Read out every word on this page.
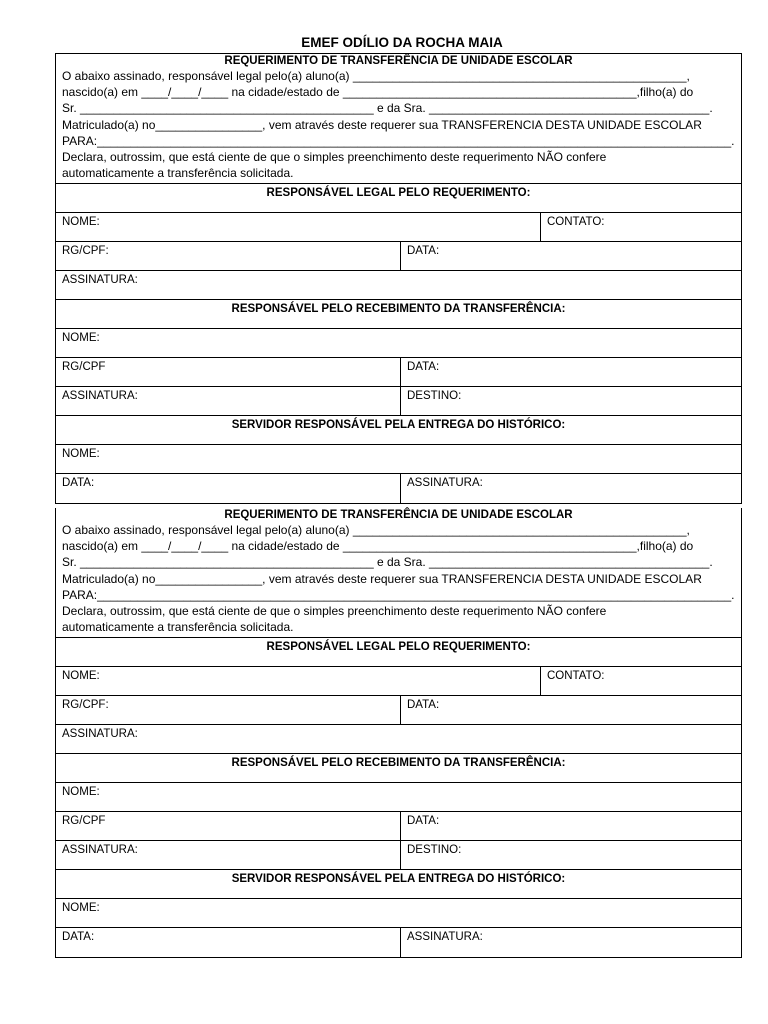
EMEF ODÍLIO DA ROCHA MAIA
REQUERIMENTO DE TRANSFERÊNCIA DE UNIDADE ESCOLAR
O abaixo assinado, responsável legal pelo(a) aluno(a) __________________________________________________,
nascido(a) em ____/____/____ na cidade/estado de ____________________________________________,filho(a) do
Sr. ____________________________________________ e da Sra. __________________________________________.
Matriculado(a) no________________, vem através deste requerer sua TRANSFERENCIA DESTA UNIDADE ESCOLAR
PARA:_______________________________________________________________________________________________.
Declara, outrossim, que está ciente de que o simples preenchimento deste requerimento NÃO confere
automaticamente a transferência solicitada.
RESPONSÁVEL LEGAL PELO REQUERIMENTO:
NOME:	CONTATO:
RG/CPF:	DATA:
ASSINATURA:
RESPONSÁVEL PELO RECEBIMENTO DA TRANSFERÊNCIA:
NOME:
RG/CPF	DATA:
ASSINATURA:	DESTINO:
SERVIDOR RESPONSÁVEL PELA ENTREGA DO HISTÓRICO:
NOME:
DATA:	ASSINATURA:
REQUERIMENTO DE TRANSFERÊNCIA DE UNIDADE ESCOLAR
O abaixo assinado, responsável legal pelo(a) aluno(a) __________________________________________________,
nascido(a) em ____/____/____ na cidade/estado de ____________________________________________,filho(a) do
Sr. ____________________________________________ e da Sra. __________________________________________.
Matriculado(a) no________________, vem através deste requerer sua TRANSFERENCIA DESTA UNIDADE ESCOLAR
PARA:_______________________________________________________________________________________________.
Declara, outrossim, que está ciente de que o simples preenchimento deste requerimento NÃO confere
automaticamente a transferência solicitada.
RESPONSÁVEL LEGAL PELO REQUERIMENTO:
NOME:	CONTATO:
RG/CPF:	DATA:
ASSINATURA:
RESPONSÁVEL PELO RECEBIMENTO DA TRANSFERÊNCIA:
NOME:
RG/CPF	DATA:
ASSINATURA:	DESTINO:
SERVIDOR RESPONSÁVEL PELA ENTREGA DO HISTÓRICO:
NOME:
DATA:	ASSINATURA:
